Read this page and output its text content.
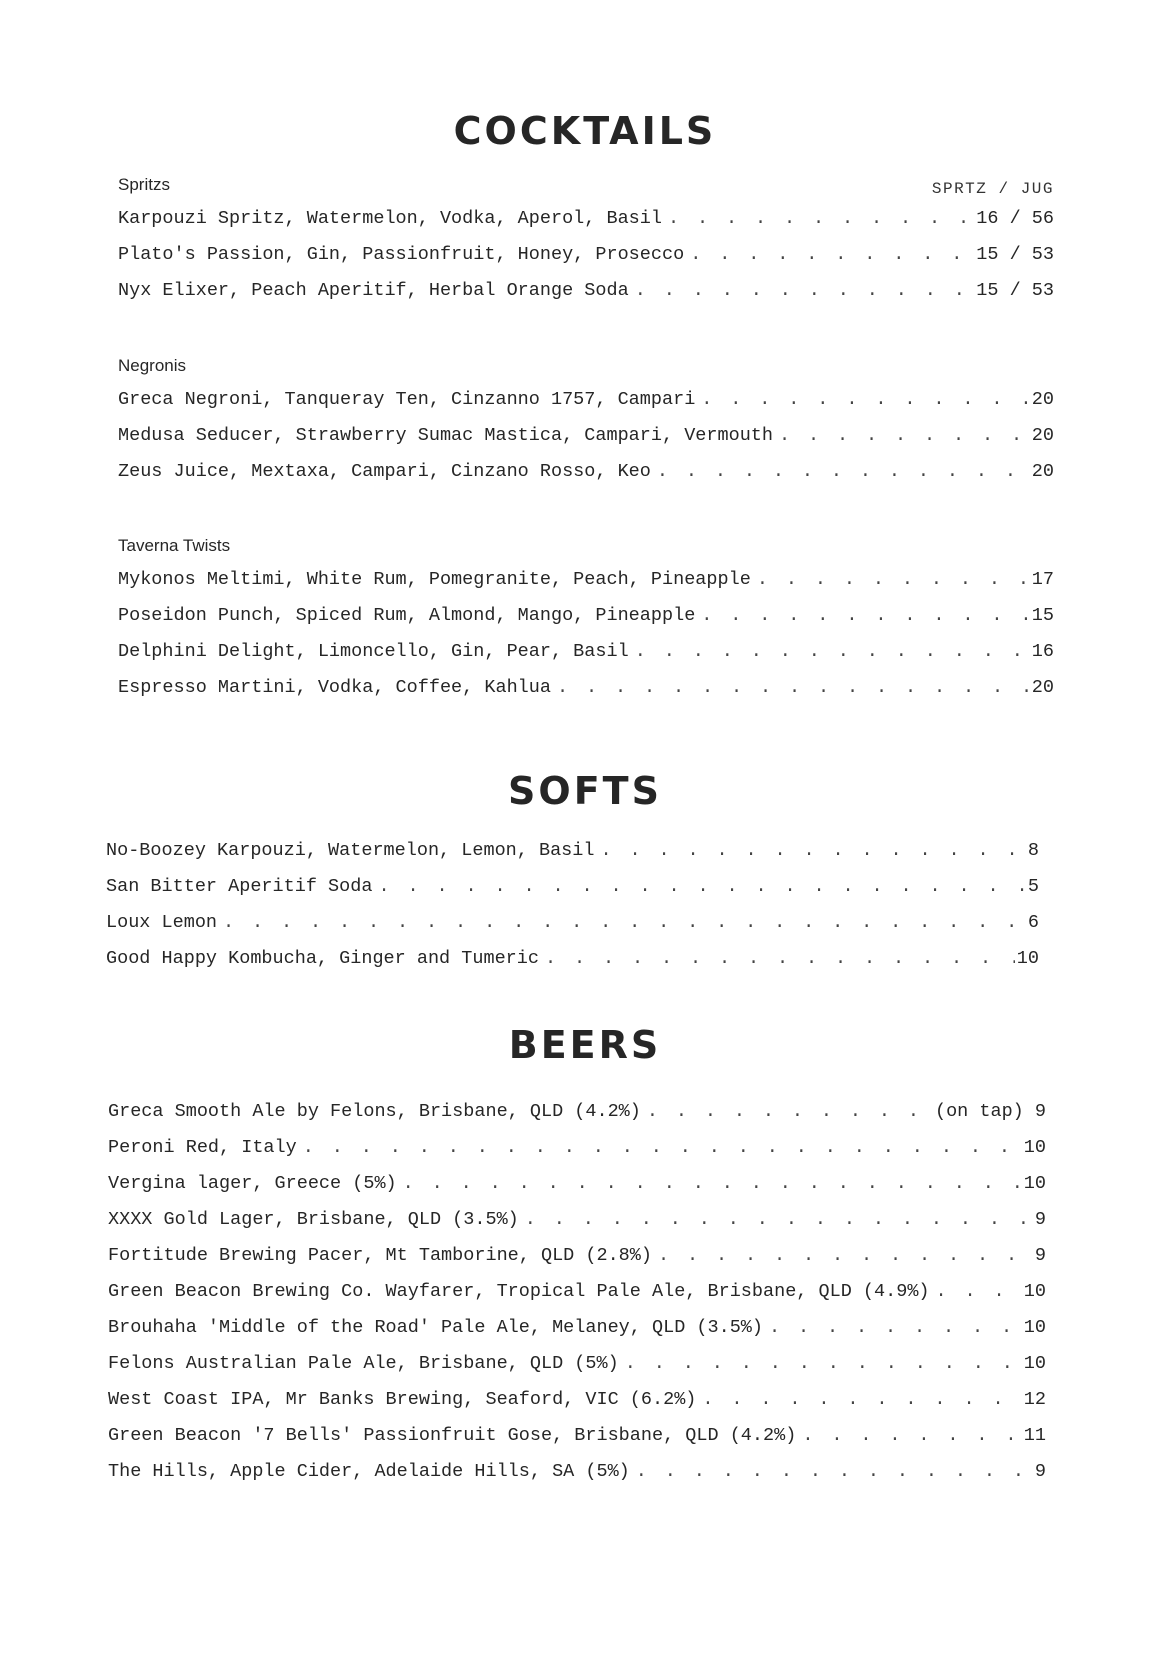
COCKTAILS
Spritzs	SPRTZ / JUG
Karpouzi Spritz, Watermelon, Vodka, Aperol, Basil . . .	16 / 56
Plato's Passion, Gin, Passionfruit, Honey, Prosecco . . .	15 / 53
Nyx Elixer, Peach Aperitif, Herbal Orange Soda . . .	15 / 53
Negronis
Greca Negroni, Tanqueray Ten, Cinzanno 1757, Campari . . .	20
Medusa Seducer, Strawberry Sumac Mastica, Campari, Vermouth . . .	20
Zeus Juice, Mextaxa, Campari, Cinzano Rosso, Keo . . .	20
Taverna Twists
Mykonos Meltimi, White Rum, Pomegranite, Peach, Pineapple . . .	17
Poseidon Punch, Spiced Rum, Almond, Mango, Pineapple . . .	15
Delphini Delight, Limoncello, Gin, Pear, Basil . . .	16
Espresso Martini, Vodka, Coffee, Kahlua . . .	20
SOFTS
No-Boozey Karpouzi, Watermelon, Lemon, Basil . . .	8
San Bitter Aperitif Soda . . .	5
Loux Lemon . . .	6
Good Happy Kombucha, Ginger and Tumeric . . .	10
BEERS
Greca Smooth Ale by Felons, Brisbane, QLD (4.2%) . . .	(on tap) 9
Peroni Red, Italy . . .	10
Vergina lager, Greece (5%) . . .	10
XXXX Gold Lager, Brisbane, QLD (3.5%) . . .	9
Fortitude Brewing Pacer, Mt Tamborine, QLD (2.8%) . . .	9
Green Beacon Brewing Co. Wayfarer, Tropical Pale Ale, Brisbane, QLD (4.9%) . . .	10
Brouhaha 'Middle of the Road' Pale Ale, Melaney, QLD (3.5%) . . .	10
Felons Australian Pale Ale, Brisbane, QLD (5%) . . .	10
West Coast IPA, Mr Banks Brewing, Seaford, VIC (6.2%) . . .	12
Green Beacon '7 Bells' Passionfruit Gose, Brisbane, QLD (4.2%) . . .	11
The Hills, Apple Cider, Adelaide Hills, SA (5%) . . .	9
